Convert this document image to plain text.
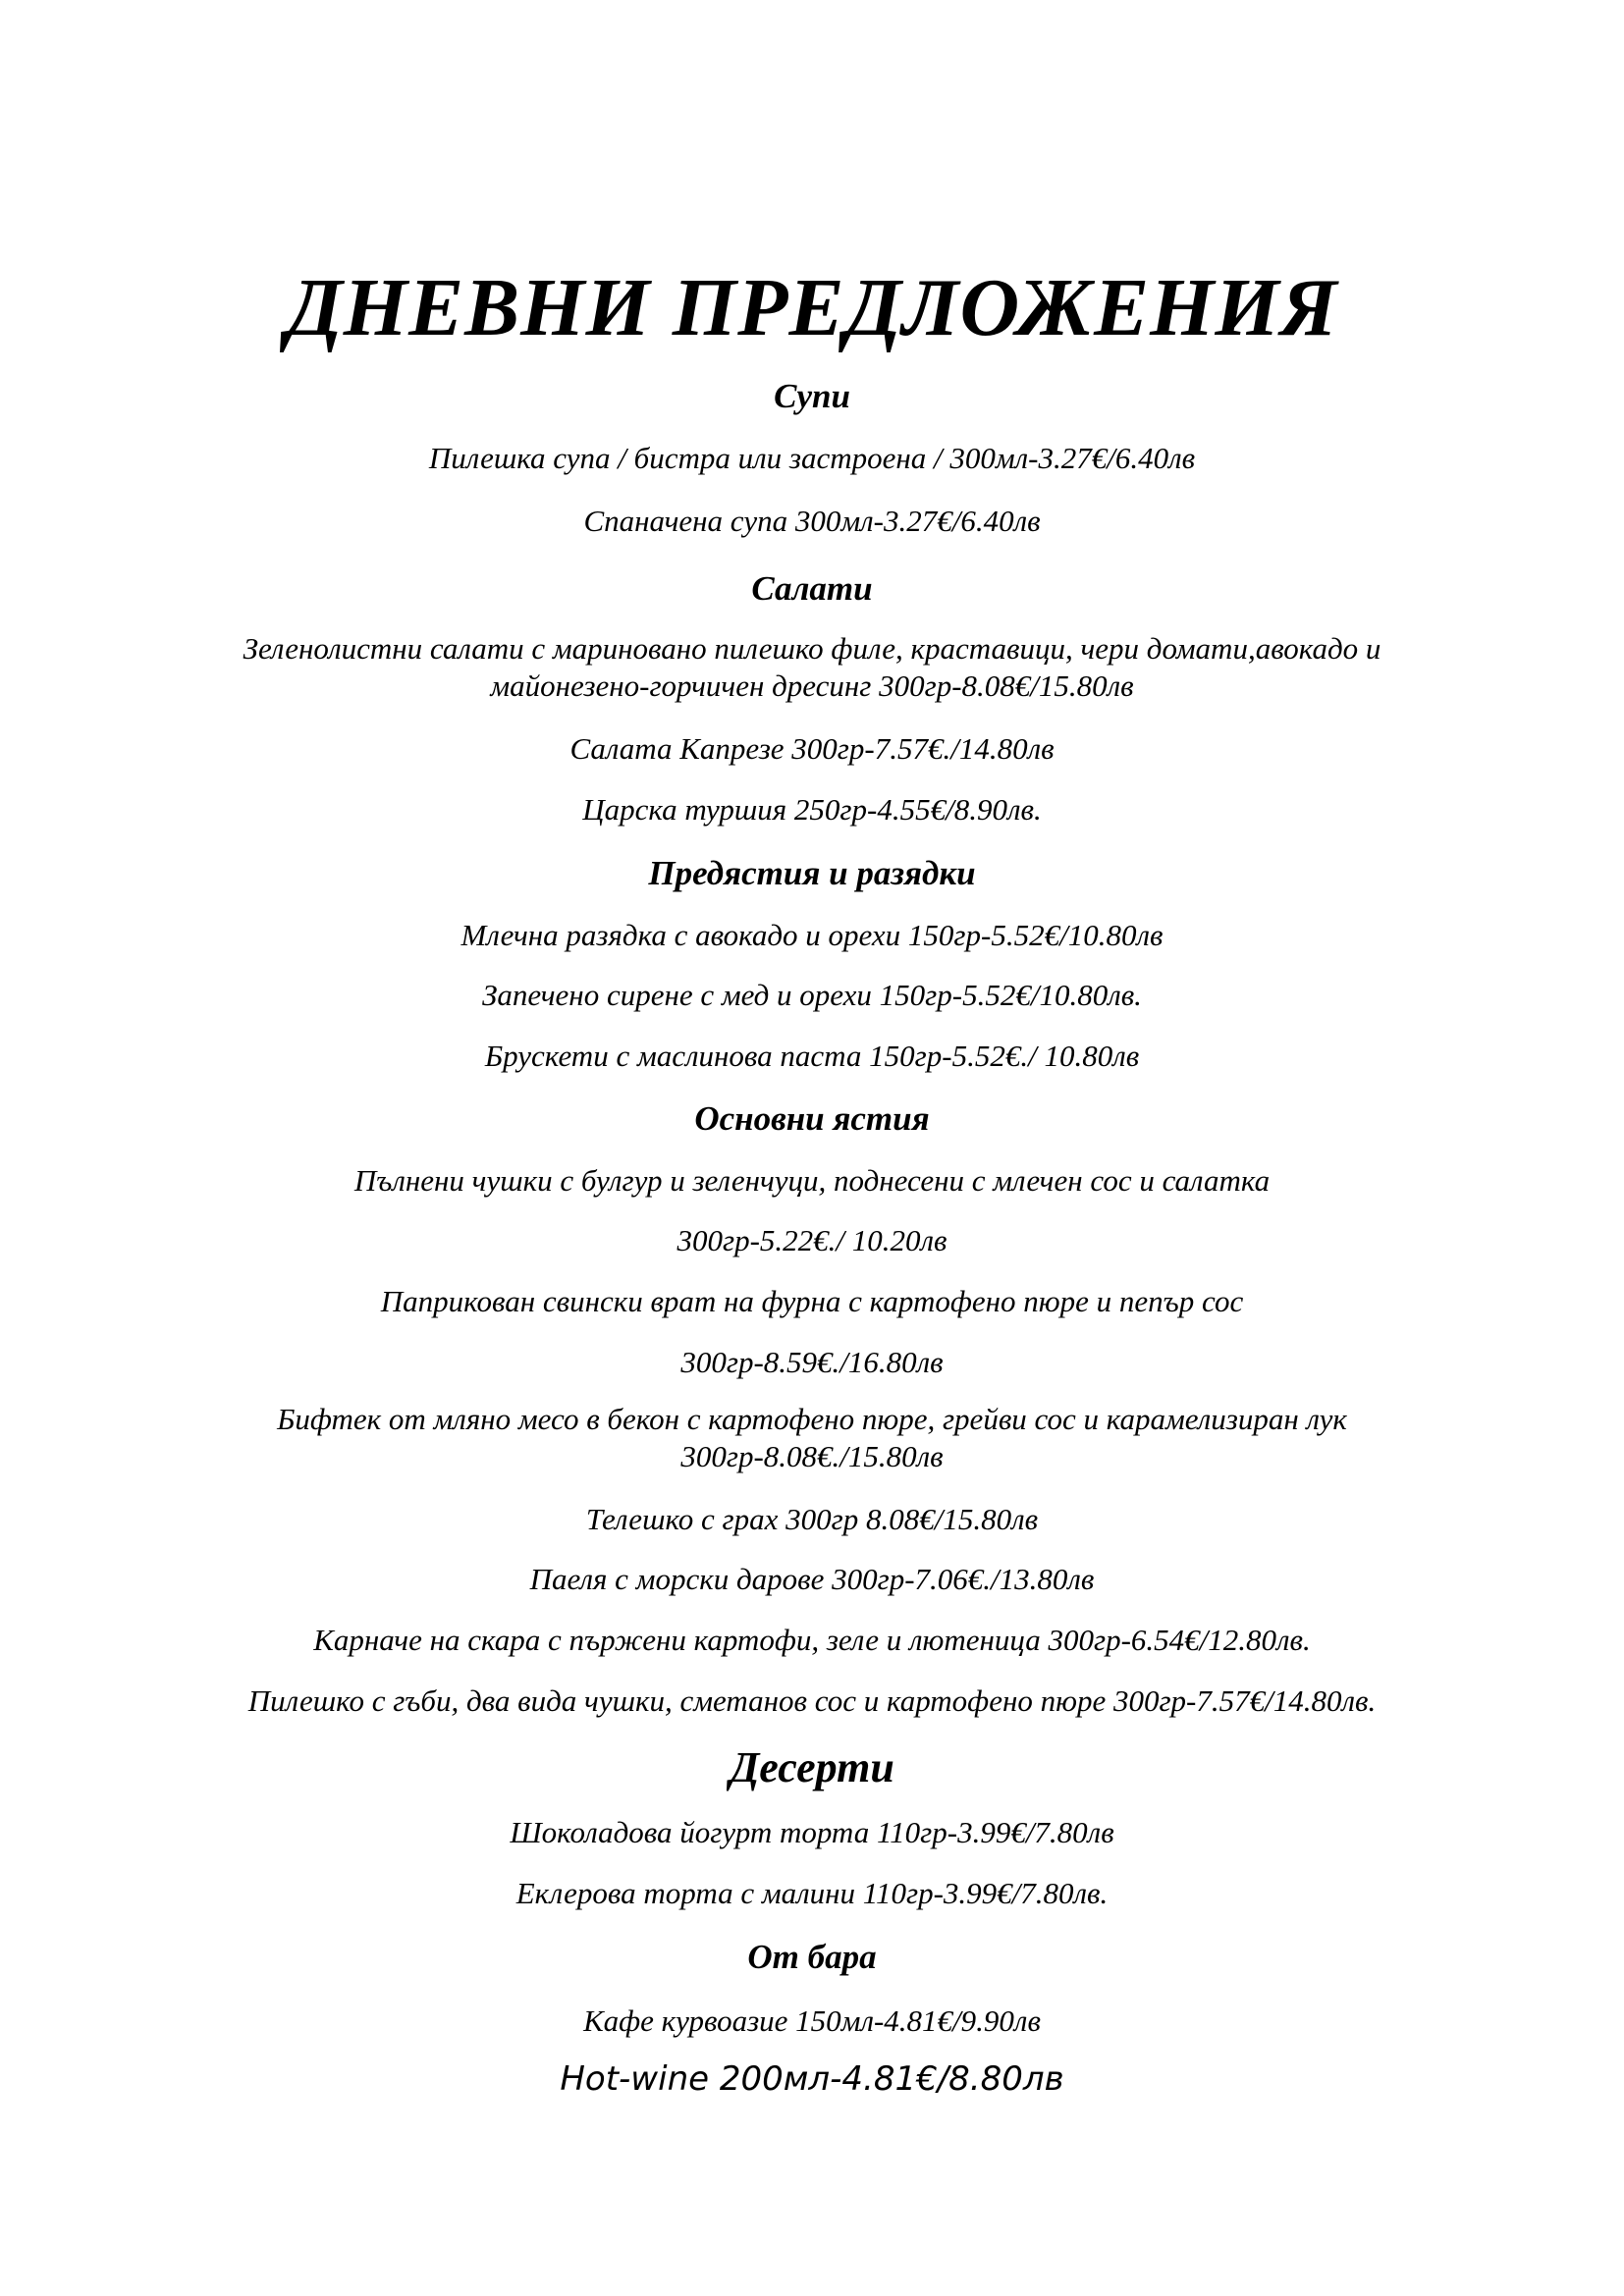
ДНЕВНИ ПРЕДЛОЖЕНИЯ
Супи
Пилешка супа / бистра или застроена / 300мл-3.27€/6.40лв
Спаначена супа 300мл-3.27€/6.40лв
Салати
Зеленолистни салати с мариновано пилешко филе, краставици, чери домати,авокадо и майонезено-горчичен дресинг 300гр-8.08€/15.80лв
Салата Капрезе 300гр-7.57€./14.80лв
Царска туршия 250гр-4.55€/8.90лв.
Предястия и разядки
Млечна разядка с авокадо и орехи 150гр-5.52€/10.80лв
Запечено сирене с мед и орехи 150гр-5.52€/10.80лв.
Брускети с маслинова паста 150гр-5.52€./ 10.80лв
Основни ястия
Пълнени чушки с булгур и зеленчуци, поднесени с млечен сос и салатка
300гр-5.22€./ 10.20лв
Паприкован свински врат на фурна с картофено пюре и пепър сос
300гр-8.59€./16.80лв
Бифтек от мляно месо в бекон с картофено пюре, грейви сос и карамелизиран лук 300гр-8.08€./15.80лв
Телешко с грах 300гр 8.08€/15.80лв
Паеля с морски дарове 300гр-7.06€./13.80лв
Карначе на скара с пържени картофи, зеле и лютеница 300гр-6.54€/12.80лв.
Пилешко с гъби, два вида чушки, сметанов сос и картофено пюре 300гр-7.57€/14.80лв.
Десерти
Шоколадова йогурт торта 110гр-3.99€/7.80лв
Еклерова торта с малини 110гр-3.99€/7.80лв.
От бара
Кафе курвоазие 150мл-4.81€/9.90лв
Hot-wine 200мл-4.81€/8.80лв
